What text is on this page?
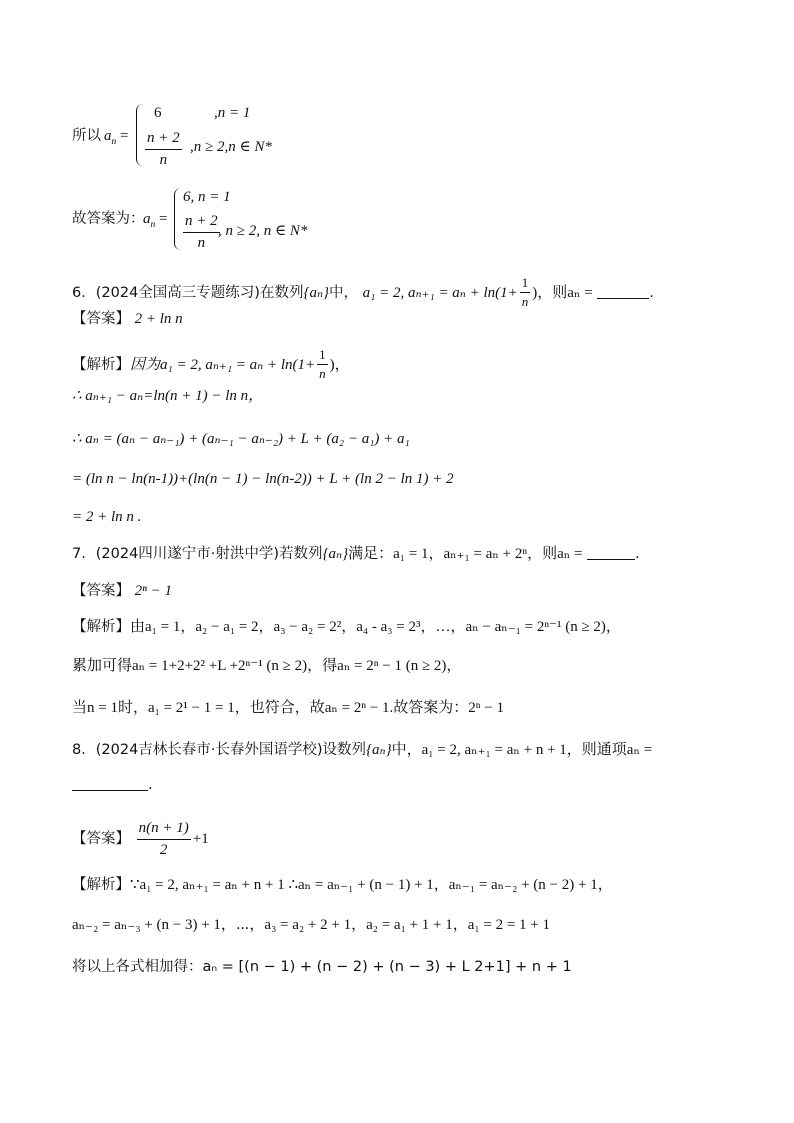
所以 $a_n$ =
6	,n = 1
$\frac{n + 2}{n} ,n \ge 2,n$ ∈ N*
故答案为：
$a_n$ =
6, n = 1
$\frac{n + 2}{n}$
, n ≥ 2, n ∈ N*
6．(2024全国高三专题练习)在数列{aₙ}中， a₁ = 2, $a_{n+1} = a_n + \ln(1+ \frac{1}{n}$ )，则aₙ =	.
【答案】 2 + ln n
【解析】因为a₁ = 2, $a_{n+1} = a_n + \ln(1+ \frac{1}{n}$ )，
∴ aₙ₊₁ − aₙ=ln(n + 1) − ln n，
∴ aₙ = (aₙ − aₙ₋₁) + (aₙ₋₁ − aₙ₋₂) + L + (a₂ − a₁) + a₁
= (ln n − ln(n-1))+(ln(n − 1) − ln(n-2)) + L + (ln 2 − ln 1) + 2
= 2 + ln n .
7．(2024四川遂宁市·射洪中学)若数列{aₙ}满足：a₁ = 1，aₙ₊₁ = aₙ + 2ⁿ，则aₙ =	.
【答案】 2ⁿ − 1
【解析】由a₁ = 1，a₂ − a₁ = 2，a₃ − a₂ = 2²，a₄ - a₃ = 2³，…，aₙ − aₙ₋₁ = 2ⁿ⁻¹ (n ≥ 2)，
累加可得aₙ = 1+2+2² +L +2ⁿ⁻¹ (n ≥ 2)，得aₙ = 2ⁿ − 1 (n ≥ 2)，
当n = 1时，a₁ = 2¹ − 1 = 1，也符合，故aₙ = 2ⁿ − 1.故答案为：2ⁿ − 1
8．(2024吉林长春市·长春外国语学校)设数列{aₙ}中，a₁ = 2, aₙ₊₁ = aₙ + n + 1，则通项aₙ =
.
【答案】 $\frac{n(n + 1)}{2} +1$
【解析】∵a₁ = 2, aₙ₊₁ = aₙ + n + 1 ∴aₙ = aₙ₋₁ + (n − 1) + 1，aₙ₋₁ = aₙ₋₂ + (n − 2) + 1，
aₙ₋₂ = aₙ₋₃ + (n − 3) + 1，⋯，a₃ = a₂ + 2 + 1，a₂ = a₁ + 1 + 1，a₁ = 2 = 1 + 1
将以上各式相加得：aₙ = [(n − 1) + (n − 2) + (n − 3) + L 2+1] + n + 1
